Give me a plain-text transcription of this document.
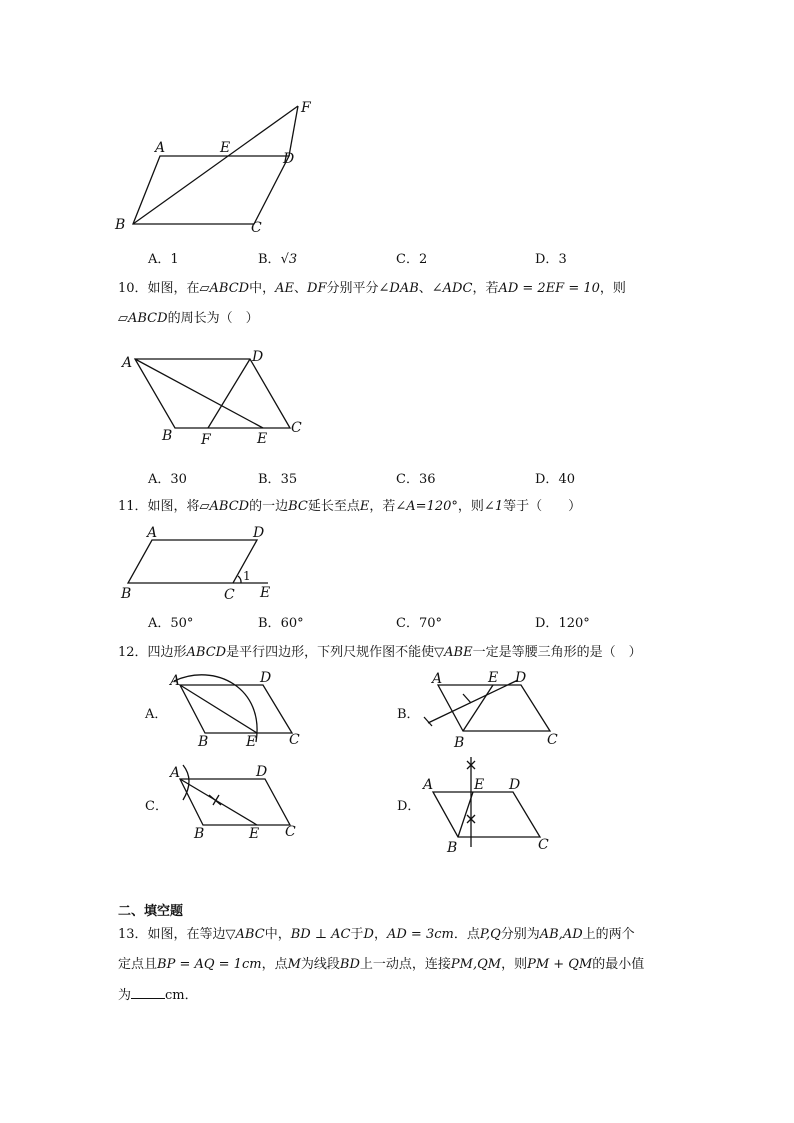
A
B	C
D
E
F
A．1	B．√3	C．2	D．3
10．如图，在▱ABCD中，AE、DF分别平分∠DAB、∠ADC，若AD = 2EF = 10，则
▱ABCD的周长为（　）
A	D
B F	E
C
A．30	B．35	C．36	D．40
11．如图，将▱ABCD的一边BC延长至点E，若∠A=120°，则∠1等于（　　）
A	D
B	C E
1
A．50°	B．60°	C．70°	D．120°
12．四边形ABCD是平行四边形，下列尺规作图不能使▽ABE一定是等腰三角形的是（　）
A．
A	D
B	E C
B．
A	E D
B	C
C．
A	D
B	E C
D．
A	E D
B	C
二、填空题
13．如图，在等边▽ABC中，BD ⊥ AC于D，AD = 3cm．点P,Q分别为AB,AD上的两个
定点且BP = AQ = 1cm，点M为线段BD上一动点，连接PM,QM，则PM + QM的最小值
为	cm．
